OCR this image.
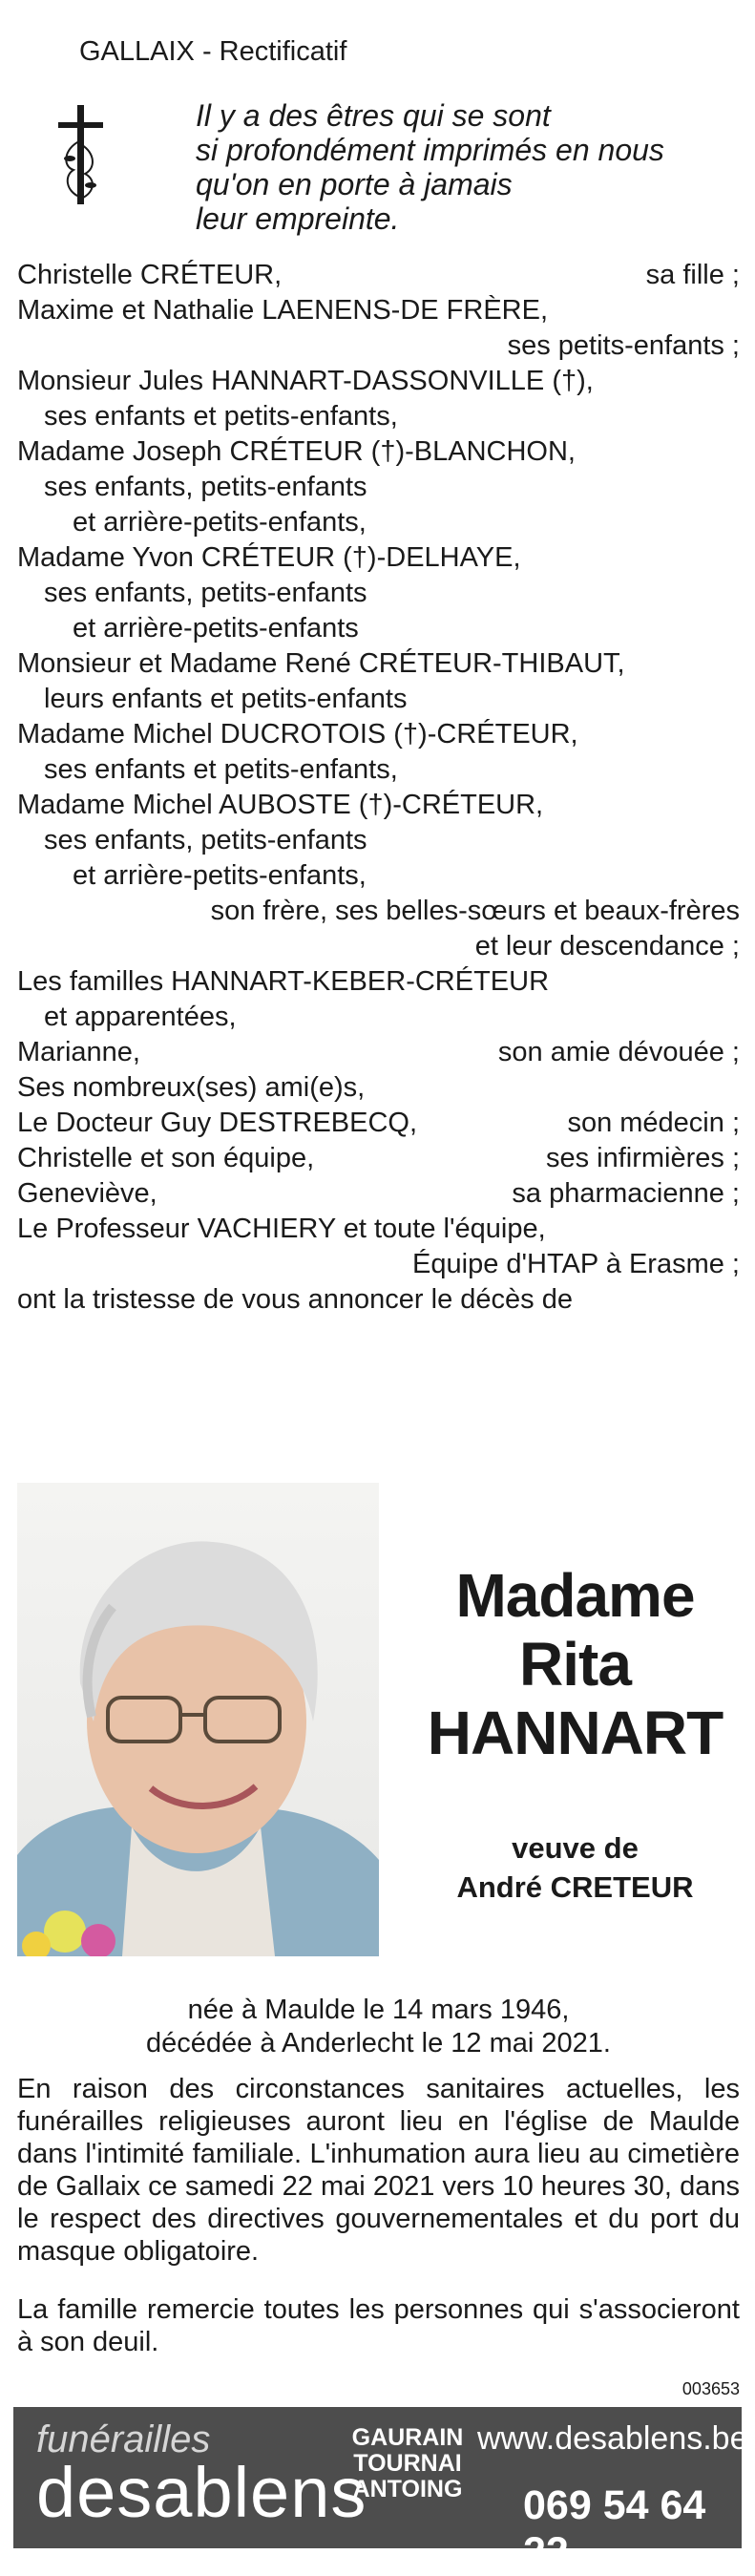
GALLAIX - Rectificatif
Il y a des êtres qui se sont
si profondément imprimés en nous
qu'on en porte à jamais
leur empreinte.
Christelle CRÉTEUR,	sa fille ;
Maxime et Nathalie LAENENS-DE FRÈRE,
ses petits-enfants ;
Monsieur Jules HANNART-DASSONVILLE (†),
ses enfants et petits-enfants,
Madame Joseph CRÉTEUR (†)-BLANCHON,
ses enfants, petits-enfants
et arrière-petits-enfants,
Madame Yvon CRÉTEUR (†)-DELHAYE,
ses enfants, petits-enfants
et arrière-petits-enfants
Monsieur et Madame René CRÉTEUR-THIBAUT,
leurs enfants et petits-enfants
Madame Michel DUCROTOIS (†)-CRÉTEUR,
ses enfants et petits-enfants,
Madame Michel AUBOSTE (†)-CRÉTEUR,
ses enfants, petits-enfants
et arrière-petits-enfants,
son frère, ses belles-sœurs et beaux-frères
et leur descendance ;
Les familles HANNART-KEBER-CRÉTEUR
et apparentées,
Marianne,	son amie dévouée ;
Ses nombreux(ses) ami(e)s,
Le Docteur Guy DESTREBECQ,	son médecin ;
Christelle et son équipe,	ses infirmières ;
Geneviève,	sa pharmacienne ;
Le Professeur VACHIERY et toute l'équipe,
Équipe d'HTAP à Erasme ;
ont la tristesse de vous annoncer le décès de
Madame
Rita
HANNART
veuve de
André CRETEUR
née à Maulde le 14 mars 1946,
décédée à Anderlecht le 12 mai 2021.
En raison des circonstances sanitaires actuelles, les funérailles religieuses auront lieu en l'église de Maulde dans l'intimité familiale. L'inhumation aura lieu au cimetière de Gallaix ce samedi 22 mai 2021 vers 10 heures 30, dans le respect des directives gouvernementales et du port du masque obligatoire.
La famille remercie toutes les personnes qui s'associeront à son deuil.
003653
funérailles
desablens
GAURAIN
TOURNAI
ANTOING
www.desablens.be
069 54 64 22
